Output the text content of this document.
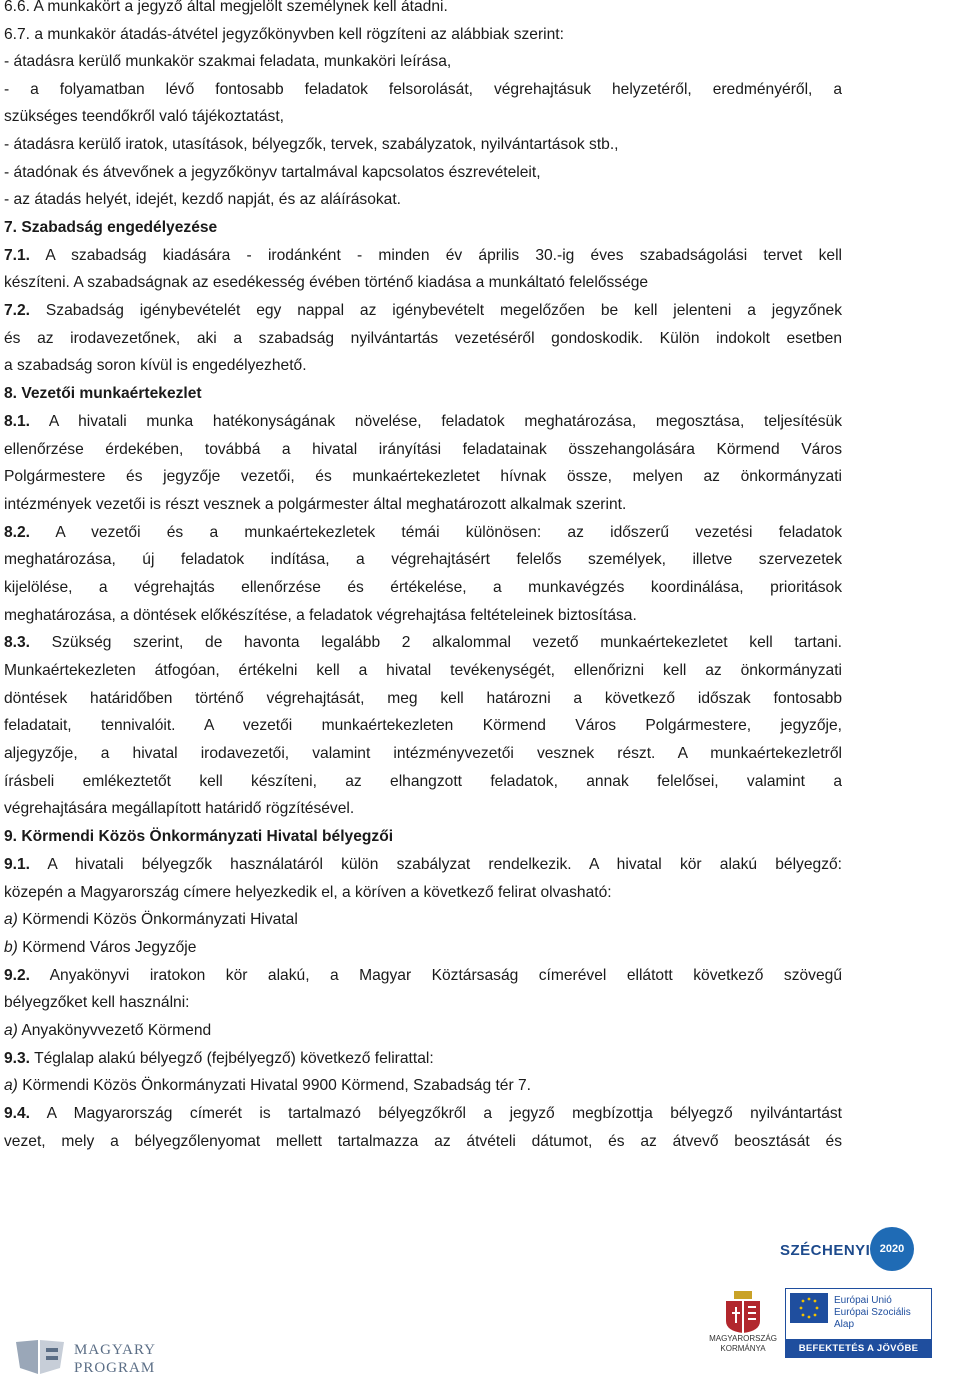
6.6. A munkakört a jegyző által megjelölt személynek kell átadni.
6.7. a munkakör átadás-átvétel jegyzőkönyvben kell rögzíteni az alábbiak szerint:
- átadásra kerülő munkakör szakmai feladata, munkaköri leírása,
- a folyamatban lévő fontosabb feladatok felsorolását, végrehajtásuk helyzetéről, eredményéről, a
szükséges teendőkről való tájékoztatást,
- átadásra kerülő iratok, utasítások, bélyegzők, tervek, szabályzatok, nyilvántartások stb.,
- átadónak és átvevőnek a jegyzőkönyv tartalmával kapcsolatos észrevételeit,
- az átadás helyét, idejét, kezdő napját, és az aláírásokat.
7. Szabadság engedélyezése
7.1. A szabadság kiadására - irodánként - minden év április 30.-ig éves szabadságolási tervet kell
készíteni. A szabadságnak az esedékesség évében történő kiadása a munkáltató felelőssége
7.2. Szabadság igénybevételét egy nappal az igénybevételt megelőzően be kell jelenteni a jegyzőnek
és az irodavezetőnek, aki a szabadság nyilvántartás vezetéséről gondoskodik. Külön indokolt esetben
a szabadság soron kívül is engedélyezhető.
8. Vezetői munkaértekezlet
8.1. A hivatali munka hatékonyságának növelése, feladatok meghatározása, megosztása, teljesítésük
ellenőrzése érdekében, továbbá a hivatal irányítási feladatainak összehangolására Körmend Város
Polgármestere és jegyzője vezetői, és munkaértekezletet hívnak össze, melyen az önkormányzati
intézmények vezetői is részt vesznek a polgármester által meghatározott alkalmak szerint.
8.2. A vezetői és a munkaértekezletek témái különösen: az időszerű vezetési feladatok
meghatározása, új feladatok indítása, a végrehajtásért felelős személyek, illetve szervezetek
kijelölése, a végrehajtás ellenőrzése és értékelése, a munkavégzés koordinálása, prioritások
meghatározása, a döntések előkészítése, a feladatok végrehajtása feltételeinek biztosítása.
8.3. Szükség szerint, de havonta legalább 2 alkalommal vezető munkaértekezletet kell tartani.
Munkaértekezleten átfogóan, értékelni kell a hivatal tevékenységét, ellenőrizni kell az önkormányzati
döntések határidőben történő végrehajtását, meg kell határozni a következő időszak fontosabb
feladatait, tennivalóit. A vezetői munkaértekezleten Körmend Város Polgármestere, jegyzője,
aljegyzője, a hivatal irodavezetői, valamint intézményvezetői vesznek részt. A munkaértekezletről
írásbeli emlékeztetőt kell készíteni, az elhangzott feladatok, annak felelősei, valamint a
végrehajtására megállapított határidő rögzítésével.
9. Körmendi Közös Önkormányzati Hivatal bélyegzői
9.1. A hivatali bélyegzők használatáról külön szabályzat rendelkezik. A hivatal kör alakú bélyegző:
közepén a Magyarország címere helyezkedik el, a köríven a következő felirat olvasható:
a) Körmendi Közös Önkormányzati Hivatal
b) Körmend Város Jegyzője
9.2. Anyakönyvi iratokon kör alakú, a Magyar Köztársaság címerével ellátott következő szövegű
bélyegzőket kell használni:
a) Anyakönyvvezető Körmend
9.3. Téglalap alakú bélyegző (fejbélyegző) következő felirattal:
a) Körmendi Közös Önkormányzati Hivatal 9900 Körmend, Szabadság tér 7.
9.4. A Magyarország címerét is tartalmazó bélyegzőkről a jegyző megbízottja bélyegző nyilvántartást
vezet, mely a bélyegzőlenyomat mellett tartalmazza az átvételi dátumot, és az átvevő beosztását és
MAGYARY
PROGRAM
SZÉCHENYI 2020
MAGYARORSZÁG
KORMÁNYA
Európai Unió
Európai Szociális
Alap
BEFEKTETÉS A JÖVŐBE
